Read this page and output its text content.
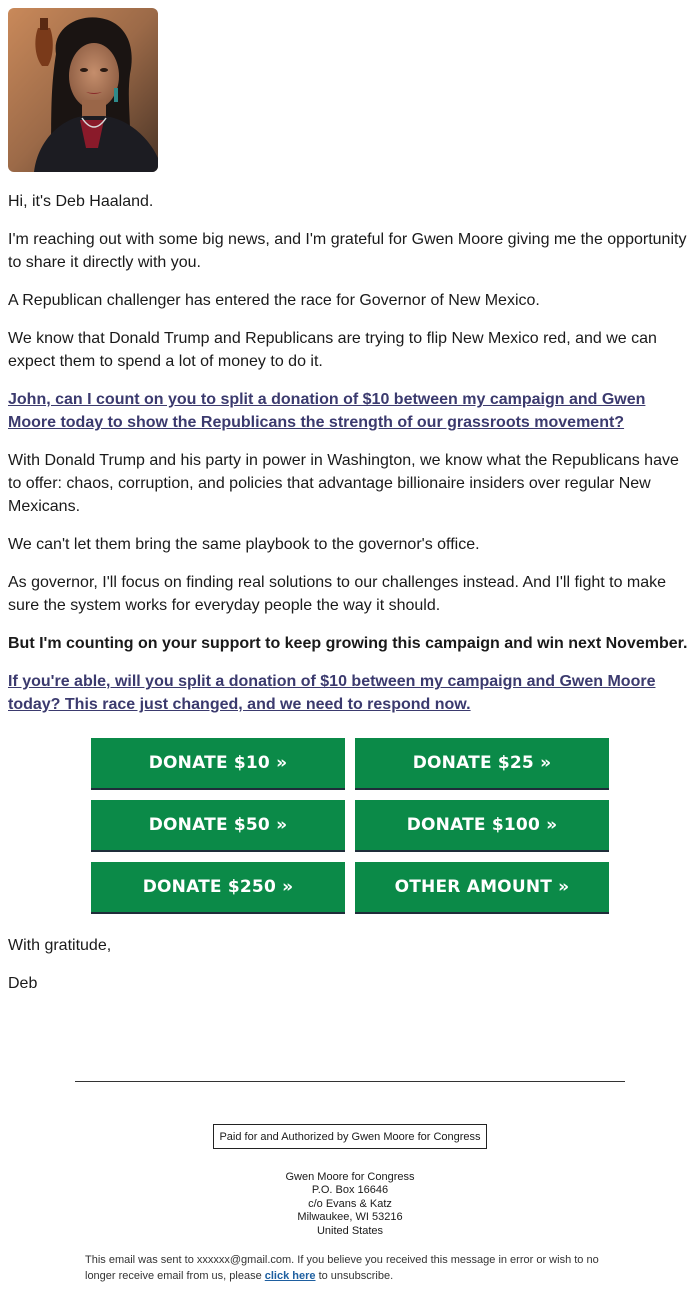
Hi, it's Deb Haaland.

I'm reaching out with some big news, and I'm grateful for Gwen Moore giving me the opportunity to share it directly with you.

A Republican challenger has entered the race for Governor of New Mexico.

We know that Donald Trump and Republicans are trying to flip New Mexico red, and we can expect them to spend a lot of money to do it.

John, can I count on you to split a donation of $10 between my campaign and Gwen Moore today to show the Republicans the strength of our grassroots movement?

With Donald Trump and his party in power in Washington, we know what the Republicans have to offer: chaos, corruption, and policies that advantage billionaire insiders over regular New Mexicans.

We can't let them bring the same playbook to the governor's office.

As governor, I'll focus on finding real solutions to our challenges instead. And I'll fight to make sure the system works for everyday people the way it should.

But I'm counting on your support to keep growing this campaign and win next November.

If you're able, will you split a donation of $10 between my campaign and Gwen Moore today? This race just changed, and we need to respond now.

DONATE $10 »	DONATE $25 »
DONATE $50 »	DONATE $100 »
DONATE $250 »	OTHER AMOUNT »

With gratitude,

Deb

Paid for and Authorized by Gwen Moore for Congress
Gwen Moore for Congress
P.O. Box 16646
c/o Evans & Katz
Milwaukee, WI 53216
United States
This email was sent to xxxxxx@gmail.com. If you believe you received this message in error or wish to no longer receive email from us, please click here to unsubscribe.
